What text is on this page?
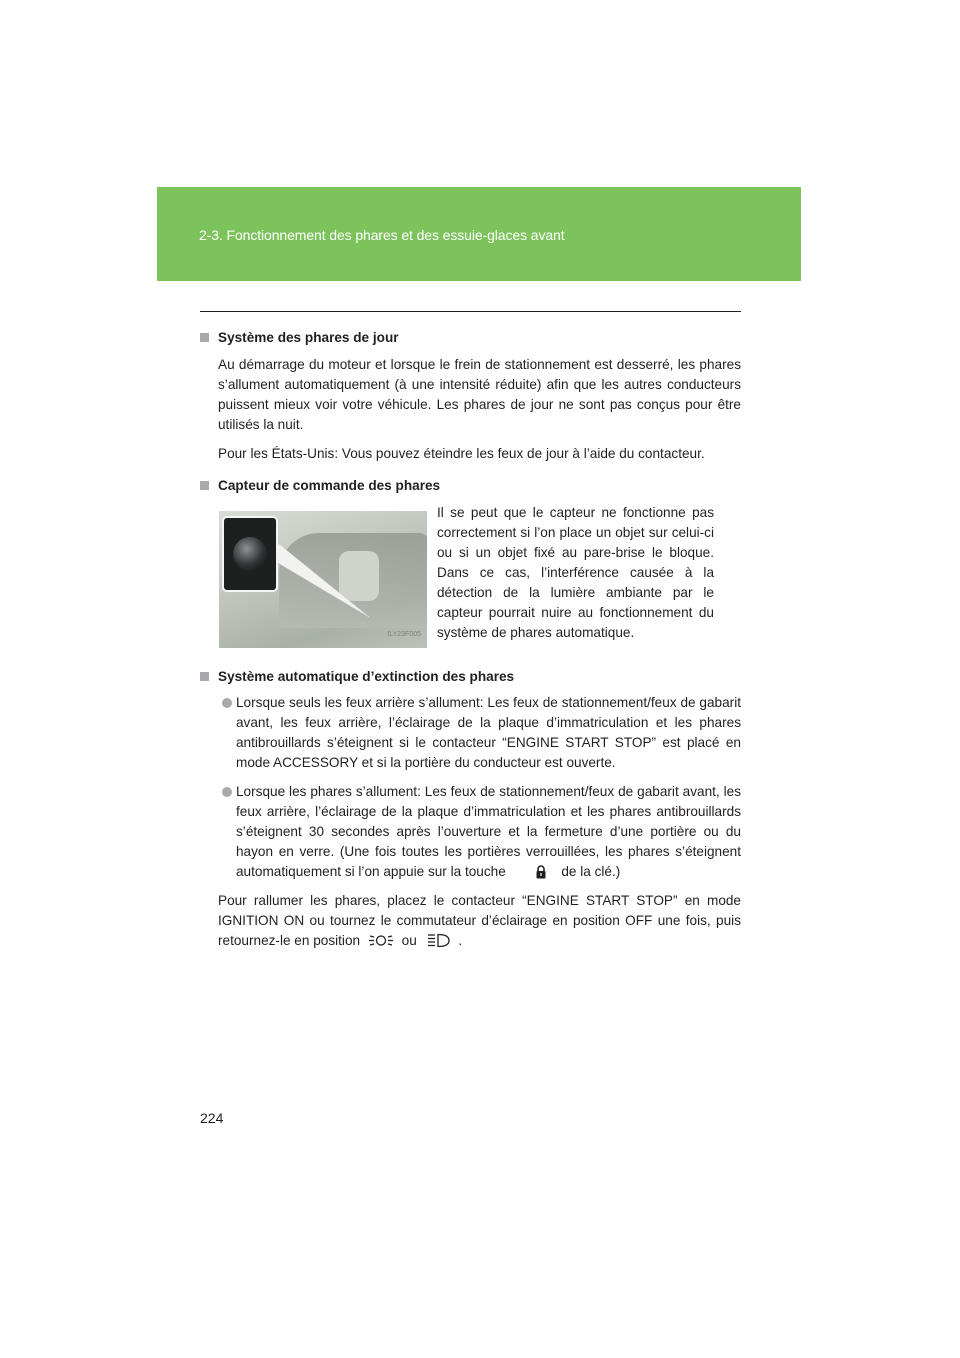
2-3. Fonctionnement des phares et des essuie-glaces avant
Système des phares de jour

Au démarrage du moteur et lorsque le frein de stationnement est desserré, les phares s’allument automatiquement (à une intensité réduite) afin que les autres conducteurs puissent mieux voir votre véhicule. Les phares de jour ne sont pas conçus pour être utilisés la nuit.

Pour les États-Unis: Vous pouvez éteindre les feux de jour à l’aide du contacteur.

Capteur de commande des phares
ILY23F005
Il se peut que le capteur ne fonctionne pas correctement si l’on place un objet sur celui-ci ou si un objet fixé au pare-brise le bloque. Dans ce cas, l’interférence causée à la détection de la lumière ambiante par le capteur pourrait nuire au fonctionnement du système de phares automatique.
Système automatique d’extinction des phares
Lorsque seuls les feux arrière s’allument: Les feux de stationnement/feux de gabarit avant, les feux arrière, l’éclairage de la plaque d’immatriculation et les phares antibrouillards s’éteignent si le contacteur “ENGINE START STOP” est placé en mode ACCESSORY et si la portière du conducteur est ouverte.
Lorsque les phares s’allument: Les feux de stationnement/feux de gabarit avant, les feux arrière, l’éclairage de la plaque d’immatriculation et les phares antibrouillards s’éteignent 30 secondes après l’ouverture et la fermeture d’une portière ou du hayon en verre. (Une fois toutes les portières verrouillées, les phares s’éteignent automatiquement si l’on appuie sur la touche	de la clé.)

Pour rallumer les phares, placez le contacteur “ENGINE START STOP” en mode IGNITION ON ou tournez le commutateur d’éclairage en position OFF une fois, puis retournez-le en position	ou	.

224
